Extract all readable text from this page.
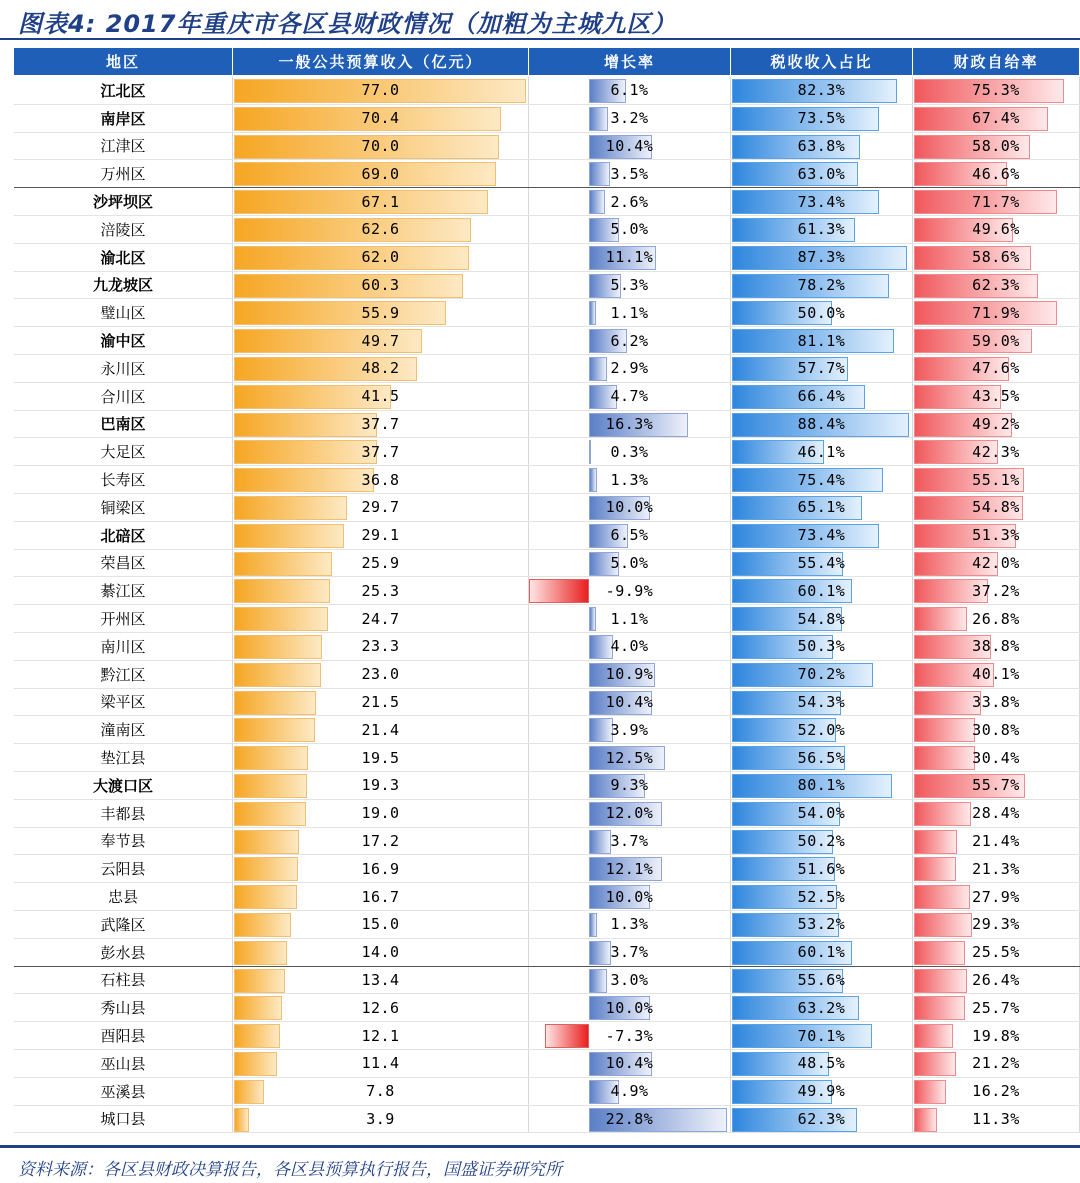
图表4: 2017年重庆市各区县财政情况（加粗为主城九区）
地区	一般公共预算收入（亿元）	增长率	税收收入占比	财政自给率
江北区	77.0	6.1%	82.3%	75.3%
南岸区	70.4	3.2%	73.5%	67.4%
江津区	70.0	10.4%	63.8%	58.0%
万州区	69.0	3.5%	63.0%	46.6%
沙坪坝区	67.1	2.6%	73.4%	71.7%
涪陵区	62.6	5.0%	61.3%	49.6%
渝北区	62.0	11.1%	87.3%	58.6%
九龙坡区	60.3	5.3%	78.2%	62.3%
璧山区	55.9	1.1%	50.0%	71.9%
渝中区	49.7	6.2%	81.1%	59.0%
永川区	48.2	2.9%	57.7%	47.6%
合川区	41.5	4.7%	66.4%	43.5%
巴南区	37.7	16.3%	88.4%	49.2%
大足区	37.7	0.3%	46.1%	42.3%
长寿区	36.8	1.3%	75.4%	55.1%
铜梁区	29.7	10.0%	65.1%	54.8%
北碚区	29.1	6.5%	73.4%	51.3%
荣昌区	25.9	5.0%	55.4%	42.0%
綦江区	25.3	-9.9%	60.1%	37.2%
开州区	24.7	1.1%	54.8%	26.8%
南川区	23.3	4.0%	50.3%	38.8%
黔江区	23.0	10.9%	70.2%	40.1%
梁平区	21.5	10.4%	54.3%	33.8%
潼南区	21.4	3.9%	52.0%	30.8%
垫江县	19.5	12.5%	56.5%	30.4%
大渡口区	19.3	9.3%	80.1%	55.7%
丰都县	19.0	12.0%	54.0%	28.4%
奉节县	17.2	3.7%	50.2%	21.4%
云阳县	16.9	12.1%	51.6%	21.3%
忠县	16.7	10.0%	52.5%	27.9%
武隆区	15.0	1.3%	53.2%	29.3%
彭水县	14.0	3.7%	60.1%	25.5%
石柱县	13.4	3.0%	55.6%	26.4%
秀山县	12.6	10.0%	63.2%	25.7%
酉阳县	12.1	-7.3%	70.1%	19.8%
巫山县	11.4	10.4%	48.5%	21.2%
巫溪县	7.8	4.9%	49.9%	16.2%
城口县	3.9	22.8%	62.3%	11.3%
资料来源：各区县财政决算报告，各区县预算执行报告，国盛证券研究所
